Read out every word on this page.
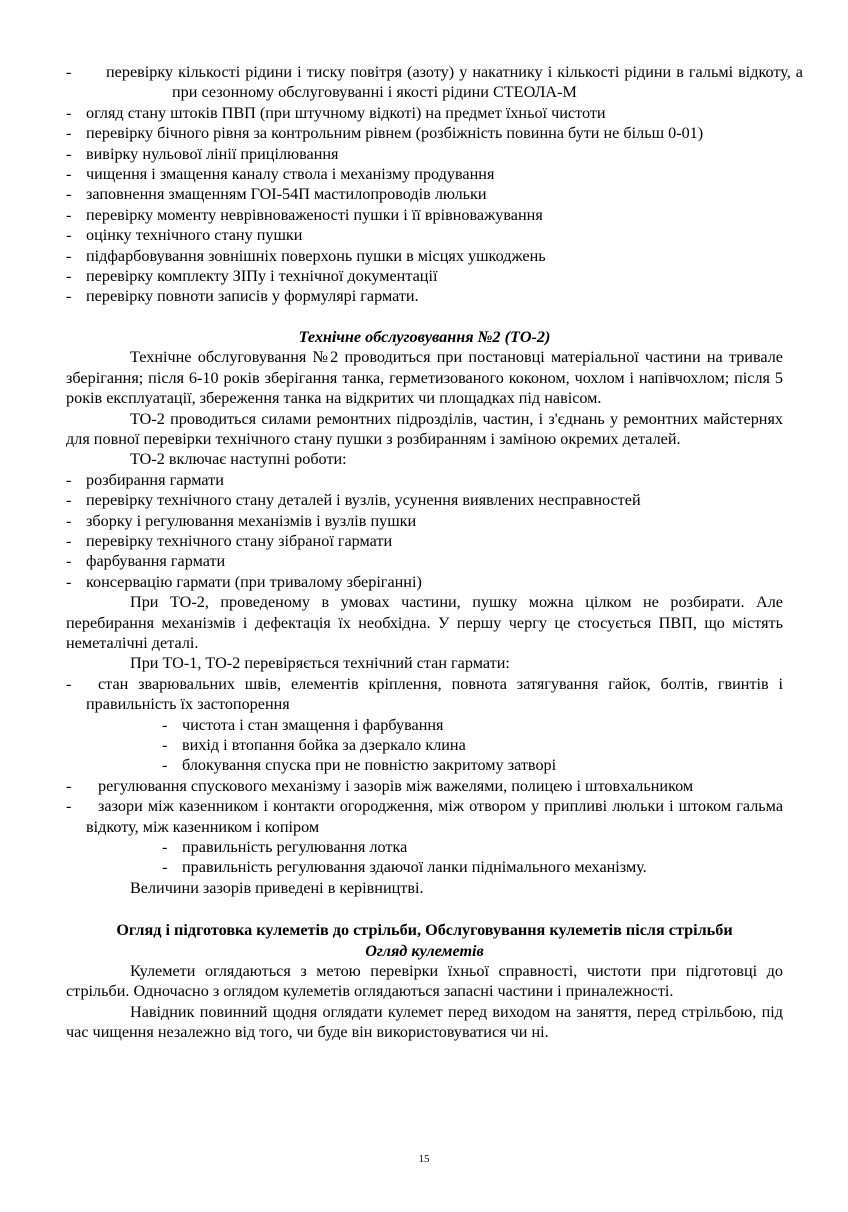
- перевірку кількості рідини і тиску повітря (азоту) у накатнику і кількості рідини в гальмі відкоту, а при сезонному обслуговуванні і якості рідини СТЕОЛА-М
- огляд стану штоків ПВП (при штучному відкоті) на предмет їхньої чистоти
- перевірку бічного рівня за контрольним рівнем (розбіжність повинна бути не більш 0-01)
- вивірку нульової лінії прицілювання
- чищення і змащення каналу ствола і механізму продування
- заповнення змащенням ГОІ-54П мастилопроводів люльки
- перевірку моменту неврівноваженості пушки і її врівноважування
- оцінку технічного стану пушки
- підфарбовування зовнішніх поверхонь пушки в місцях ушкоджень
- перевірку комплекту ЗІПу і технічної документації
- перевірку повноти записів у формулярі гармати.
Технічне обслуговування №2 (ТО-2)

Технічне обслуговування №2 проводиться при постановці матеріальної частини на тривале зберігання; після 6-10 років зберігання танка, герметизованого коконом, чохлом і напівчохлом; після 5 років експлуатації, збереження танка на відкритих чи площадках під навісом.

ТО-2 проводиться силами ремонтних підрозділів, частин, і з'єднань у ремонтних майстернях для повної перевірки технічного стану пушки з розбиранням і заміною окремих деталей.

ТО-2 включає наступні роботи:

- розбирання гармати
- перевірку технічного стану деталей і вузлів, усунення виявлених несправностей
- зборку і регулювання механізмів і вузлів пушки
- перевірку технічного стану зібраної гармати
- фарбування гармати
- консервацію гармати (при тривалому зберіганні)

При ТО-2, проведеному в умовах частини, пушку можна цілком не розбирати. Але перебирання механізмів і дефектація їх необхідна. У першу чергу це стосується ПВП, що містять неметалічні деталі.

При ТО-1, ТО-2 перевіряється технічний стан гармати:

- стан зварювальних швів, елементів кріплення, повнота затягування гайок, болтів, гвинтів і правильність їх застопорення
- чистота і стан змащення і фарбування
- вихід і втопання бойка за дзеркало клина
- блокування спуска при не повністю закритому затворі
- регулювання спускового механізму і зазорів між важелями, полицею і штовхальником
- зазори між казенником і контакти огородження, між отвором у припливі люльки і штоком гальма відкоту, між казенником і копіром
- правильність регулювання лотка
- правильність регулювання здаючої ланки піднімального механізму.

Величини зазорів приведені в керівництві.

Огляд і підготовка кулеметів до стрільби, Обслуговування кулеметів після стрільби
Огляд кулеметів

Кулемети оглядаються з метою перевірки їхньої справності, чистоти при підготовці до стрільби. Одночасно з оглядом кулеметів оглядаються запасні частини і приналежності.

Навідник повинний щодня оглядати кулемет перед виходом на заняття, перед стрільбою, під час чищення незалежно від того, чи буде він використовуватися чи ні.

15
